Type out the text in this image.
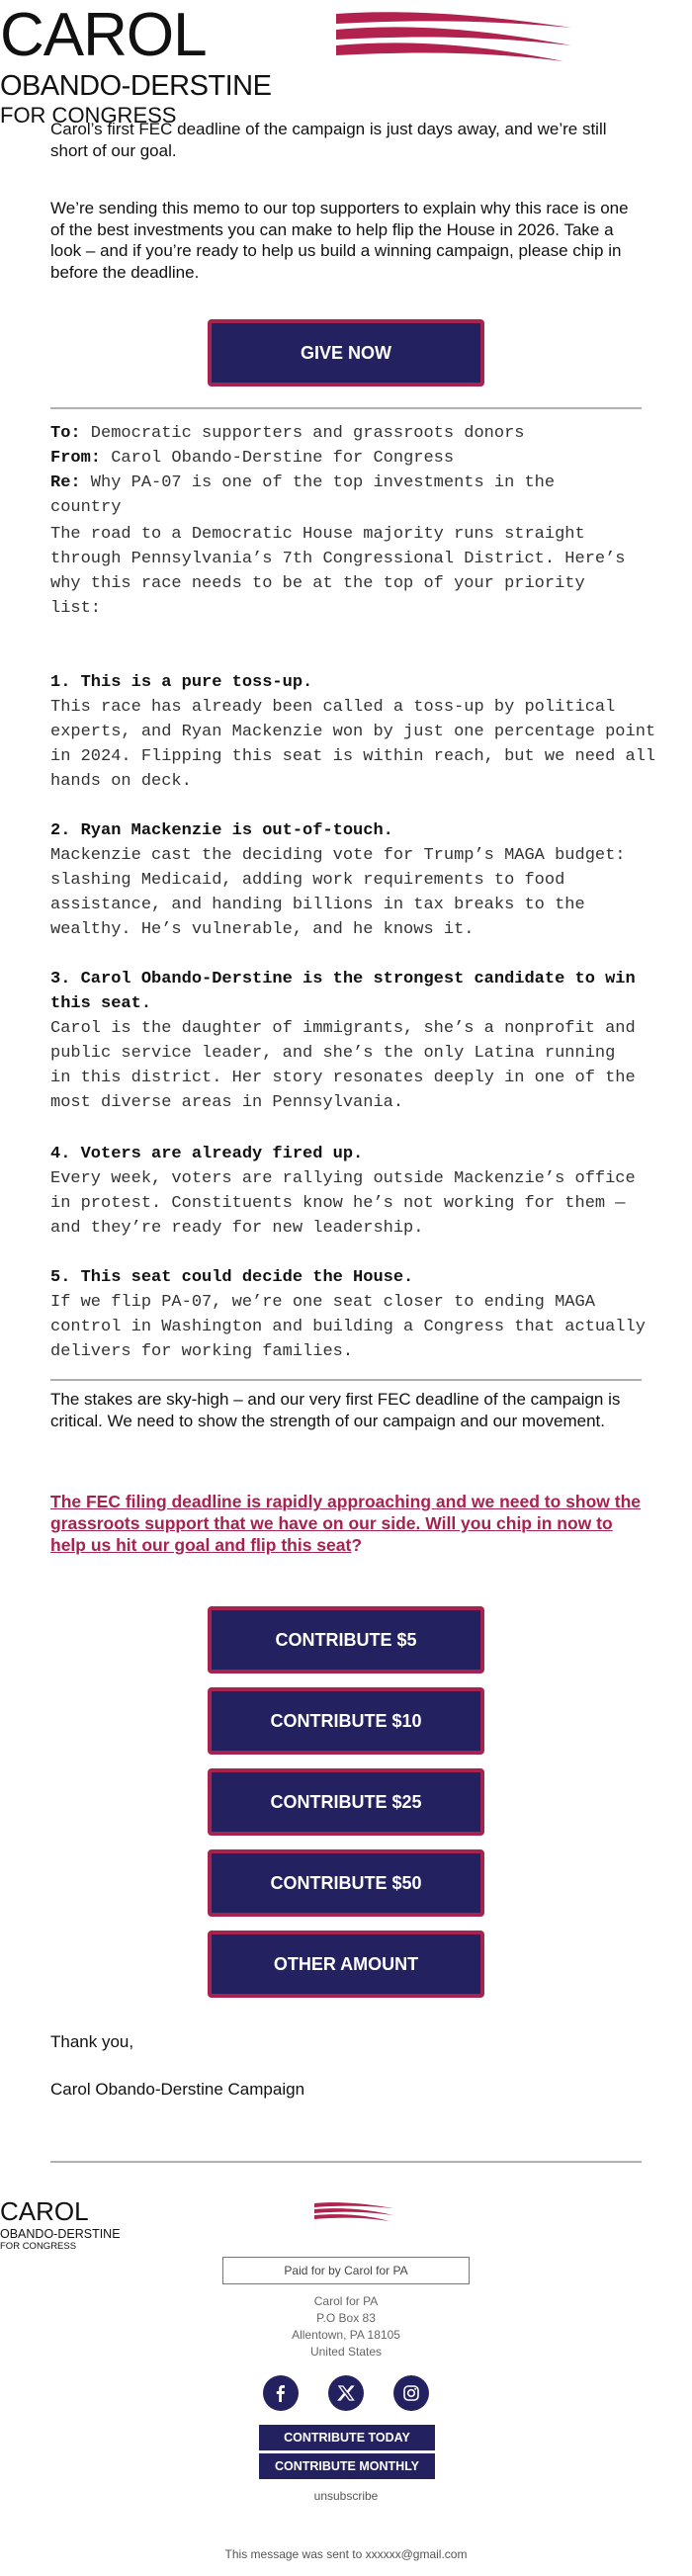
CAROL
OBANDO-DERSTINE
FOR CONGRESS
Carol’s first FEC deadline of the campaign is just days away, and we’re still short of our goal.
We’re sending this memo to our top supporters to explain why this race is one of the best investments you can make to help flip the House in 2026. Take a look – and if you’re ready to help us build a winning campaign, please chip in before the deadline.
GIVE NOW

To: Democratic supporters and grassroots donors

From: Carol Obando-Derstine for Congress

Re: Why PA-07 is one of the top investments in the country

The road to a Democratic House majority runs straight through Pennsylvania’s 7th Congressional District. Here’s why this race needs to be at the top of your priority list:
1. This is a pure toss-up.
This race has already been called a toss-up by political experts, and Ryan Mackenzie won by just one percentage point in 2024. Flipping this seat is within reach, but we need all hands on deck.
2. Ryan Mackenzie is out-of-touch.
Mackenzie cast the deciding vote for Trump’s MAGA budget: slashing Medicaid, adding work requirements to food assistance, and handing billions in tax breaks to the wealthy. He’s vulnerable, and he knows it.
3. Carol Obando-Derstine is the strongest candidate to win this seat.
Carol is the daughter of immigrants, she’s a nonprofit and public service leader, and she’s the only Latina running in this district. Her story resonates deeply in one of the most diverse areas in Pennsylvania.
4. Voters are already fired up.
Every week, voters are rallying outside Mackenzie’s office in protest. Constituents know he’s not working for them — and they’re ready for new leadership.
5. This seat could decide the House.
If we flip PA-07, we’re one seat closer to ending MAGA control in Washington and building a Congress that actually delivers for working families.
The stakes are sky-high – and our very first FEC deadline of the campaign is critical. We need to show the strength of our campaign and our movement.
The FEC filing deadline is rapidly approaching and we need to show the grassroots support that we have on our side. Will you chip in now to help us hit our goal and flip this seat?
CONTRIBUTE $5
CONTRIBUTE $10
CONTRIBUTE $25
CONTRIBUTE $50
OTHER AMOUNT
Thank you,
Carol Obando-Derstine Campaign
CAROL
OBANDO-DERSTINE
FOR CONGRESS
Paid for by Carol for PA
Carol for PA
P.O Box 83
Allentown, PA 18105
United States
CONTRIBUTE TODAY
CONTRIBUTE MONTHLY
unsubscribe
This message was sent to xxxxxx@gmail.com
